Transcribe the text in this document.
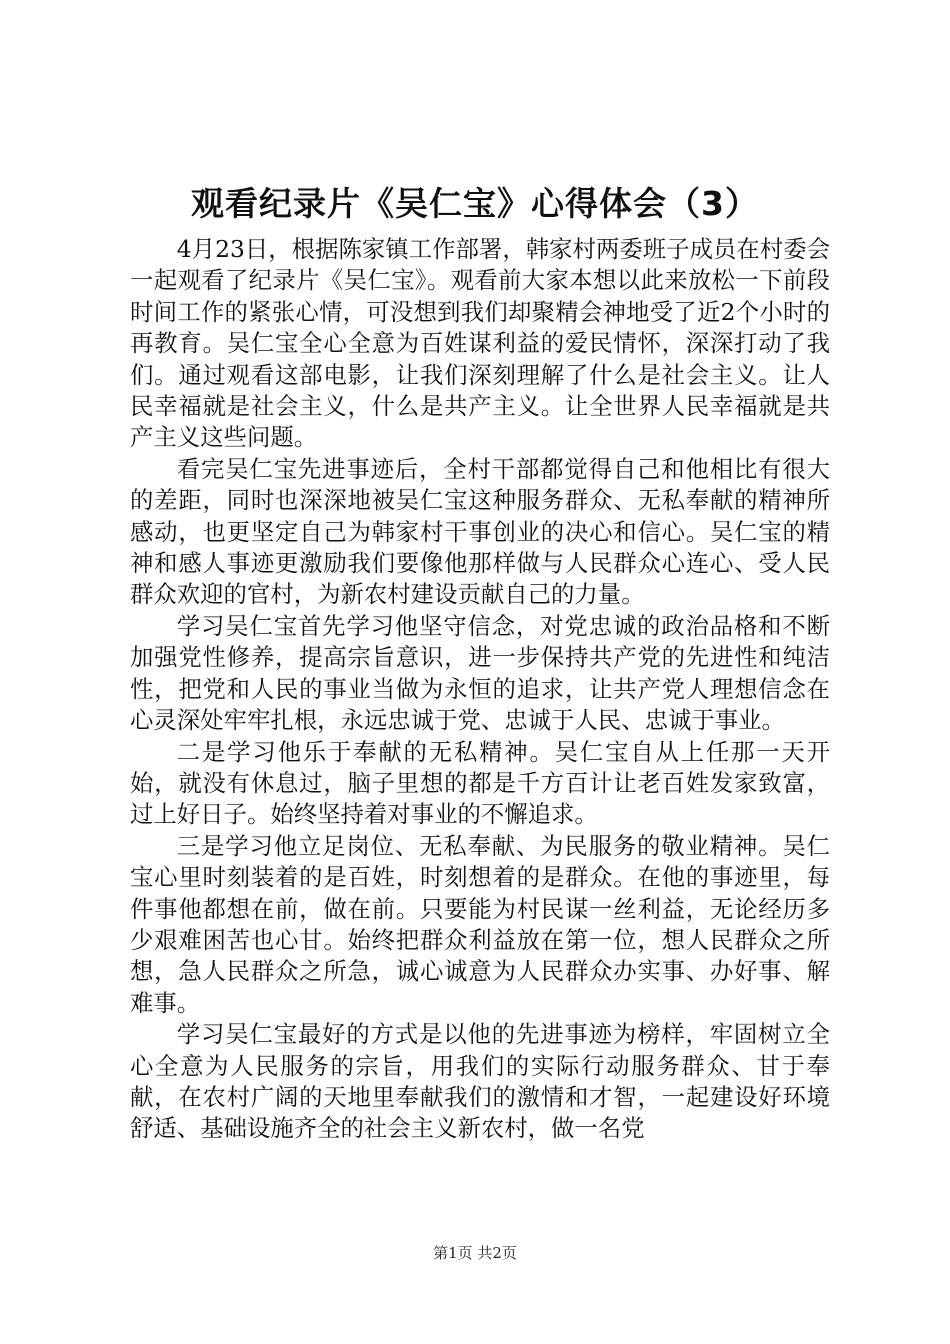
观看纪录片《吴仁宝》心得体会（3）

4月23日，根据陈家镇工作部署，韩家村两委班子成员在村委会一起观看了纪录片《吴仁宝》。观看前大家本想以此来放松一下前段时间工作的紧张心情，可没想到我们却聚精会神地受了近2个小时的再教育。吴仁宝全心全意为百姓谋利益的爱民情怀，深深打动了我们。通过观看这部电影，让我们深刻理解了什么是社会主义。让人民幸福就是社会主义，什么是共产主义。让全世界人民幸福就是共产主义这些问题。

看完吴仁宝先进事迹后，全村干部都觉得自己和他相比有很大的差距，同时也深深地被吴仁宝这种服务群众、无私奉献的精神所感动，也更坚定自己为韩家村干事创业的决心和信心。吴仁宝的精神和感人事迹更激励我们要像他那样做与人民群众心连心、受人民群众欢迎的官村，为新农村建设贡献自己的力量。

学习吴仁宝首先学习他坚守信念，对党忠诚的政治品格和不断加强党性修养，提高宗旨意识，进一步保持共产党的先进性和纯洁性，把党和人民的事业当做为永恒的追求，让共产党人理想信念在心灵深处牢牢扎根，永远忠诚于党、忠诚于人民、忠诚于事业。

二是学习他乐于奉献的无私精神。吴仁宝自从上任那一天开始，就没有休息过，脑子里想的都是千方百计让老百姓发家致富，过上好日子。始终坚持着对事业的不懈追求。

三是学习他立足岗位、无私奉献、为民服务的敬业精神。吴仁宝心里时刻装着的是百姓，时刻想着的是群众。在他的事迹里，每件事他都想在前，做在前。只要能为村民谋一丝利益，无论经历多少艰难困苦也心甘。始终把群众利益放在第一位，想人民群众之所想，急人民群众之所急，诚心诚意为人民群众办实事、办好事、解难事。

学习吴仁宝最好的方式是以他的先进事迹为榜样，牢固树立全心全意为人民服务的宗旨，用我们的实际行动服务群众、甘于奉献，在农村广阔的天地里奉献我们的激情和才智，一起建设好环境舒适、基础设施齐全的社会主义新农村，做一名党

第1页 共2页
